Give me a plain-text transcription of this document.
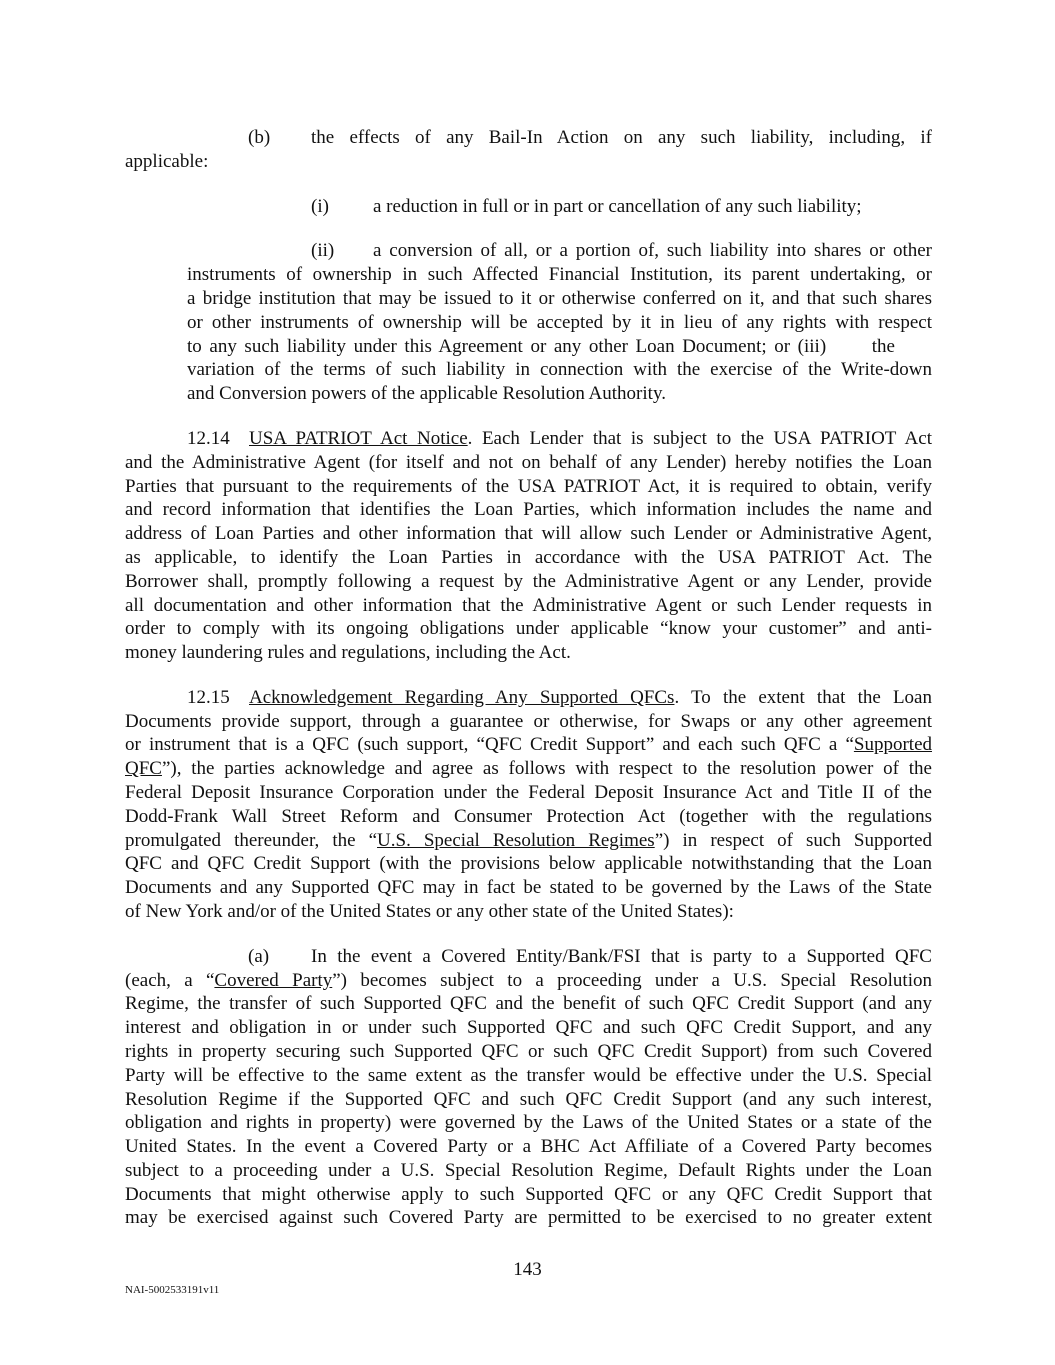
(b) the effects of any Bail-In Action on any such liability, including, if
applicable:
(i) a reduction in full or in part or cancellation of any such liability;
(ii) a conversion of all, or a portion of, such liability into shares or other
instruments of ownership in such Affected Financial Institution, its parent undertaking, or
a bridge institution that may be issued to it or otherwise conferred on it, and that such shares
or other instruments of ownership will be accepted by it in lieu of any rights with respect
to any such liability under this Agreement or any other Loan Document; or (iii)      the
variation of the terms of such liability in connection with the exercise of the Write-down
and Conversion powers of the applicable Resolution Authority.
12.14 USA PATRIOT Act Notice. Each Lender that is subject to the USA PATRIOT Act
and the Administrative Agent (for itself and not on behalf of any Lender) hereby notifies the Loan
Parties that pursuant to the requirements of the USA PATRIOT Act, it is required to obtain, verify
and record information that identifies the Loan Parties, which information includes the name and
address of Loan Parties and other information that will allow such Lender or Administrative Agent,
as applicable, to identify the Loan Parties in accordance with the USA PATRIOT Act. The
Borrower shall, promptly following a request by the Administrative Agent or any Lender, provide
all documentation and other information that the Administrative Agent or such Lender requests in
order to comply with its ongoing obligations under applicable “know your customer” and anti-
money laundering rules and regulations, including the Act.
12.15 Acknowledgement Regarding Any Supported QFCs. To the extent that the Loan
Documents provide support, through a guarantee or otherwise, for Swaps or any other agreement
or instrument that is a QFC (such support, “QFC Credit Support” and each such QFC a “Supported
QFC”), the parties acknowledge and agree as follows with respect to the resolution power of the
Federal Deposit Insurance Corporation under the Federal Deposit Insurance Act and Title II of the
Dodd-Frank Wall Street Reform and Consumer Protection Act (together with the regulations
promulgated thereunder, the “U.S. Special Resolution Regimes”) in respect of such Supported
QFC and QFC Credit Support (with the provisions below applicable notwithstanding that the Loan
Documents and any Supported QFC may in fact be stated to be governed by the Laws of the State
of New York and/or of the United States or any other state of the United States):
(a) In the event a Covered Entity/Bank/FSI that is party to a Supported QFC
(each, a “Covered Party”) becomes subject to a proceeding under a U.S. Special Resolution
Regime, the transfer of such Supported QFC and the benefit of such QFC Credit Support (and any
interest and obligation in or under such Supported QFC and such QFC Credit Support, and any
rights in property securing such Supported QFC or such QFC Credit Support) from such Covered
Party will be effective to the same extent as the transfer would be effective under the U.S. Special
Resolution Regime if the Supported QFC and such QFC Credit Support (and any such interest,
obligation and rights in property) were governed by the Laws of the United States or a state of the
United States. In the event a Covered Party or a BHC Act Affiliate of a Covered Party becomes
subject to a proceeding under a U.S. Special Resolution Regime, Default Rights under the Loan
Documents that might otherwise apply to such Supported QFC or any QFC Credit Support that
may be exercised against such Covered Party are permitted to be exercised to no greater extent
143
NAI-5002533191v11
